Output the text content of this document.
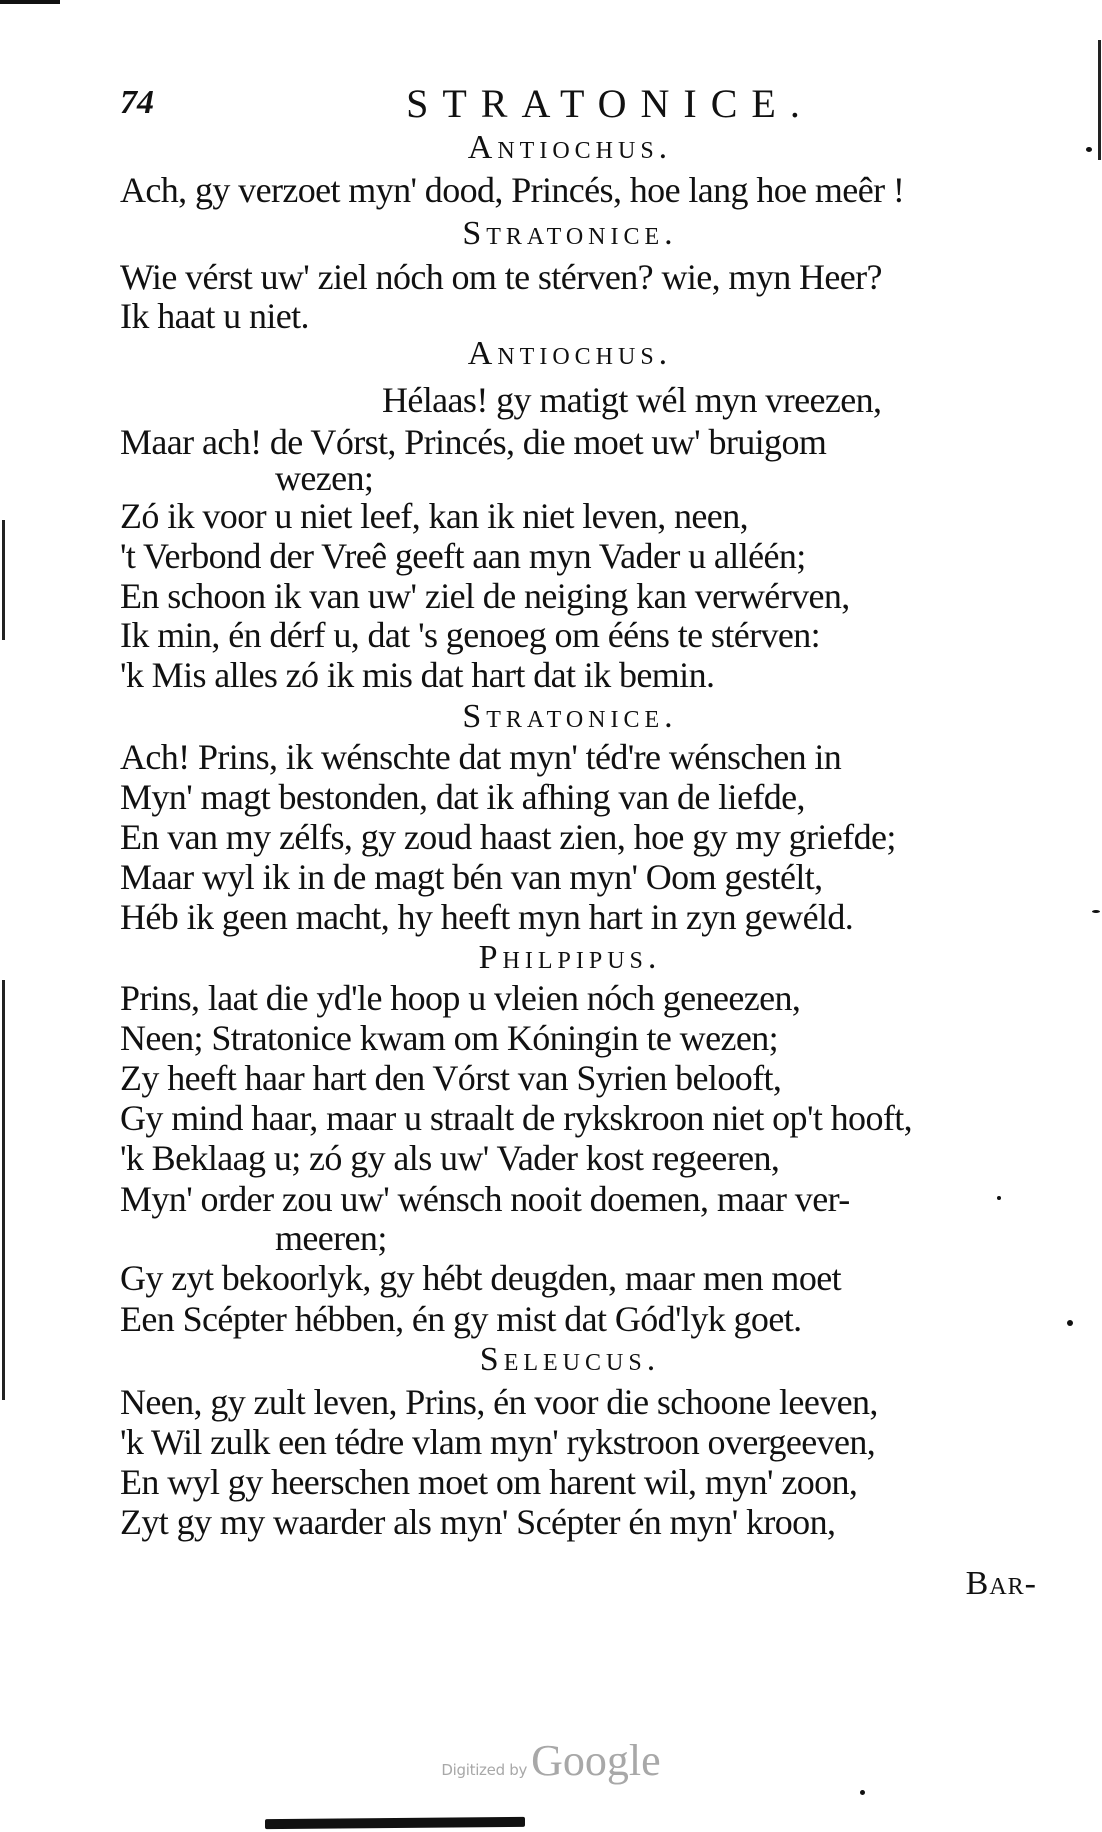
74	STRATONICE.
Antiochus.
Ach, gy verzoet myn' dood, Princés, hoe lang hoe meêr !
Stratonice.
Wie vérst uw' ziel nóch om te stérven? wie, myn Heer?
Ik haat u niet.
Antiochus.
Hélaas! gy matigt wél myn vreezen,
Maar ach! de Vórst, Princés, die moet uw' bruigom
wezen;
Zó ik voor u niet leef, kan ik niet leven, neen,
't Verbond der Vreê geeft aan myn Vader u alléén;
En schoon ik van uw' ziel de neiging kan verwérven,
Ik min, én dérf u, dat 's genoeg om ééns te stérven:
'k Mis alles zó ik mis dat hart dat ik bemin.
Stratonice.
Ach! Prins, ik wénschte dat myn' téd're wénschen in
Myn' magt bestonden, dat ik afhing van de liefde,
En van my zélfs, gy zoud haast zien, hoe gy my griefde;
Maar wyl ik in de magt bén van myn' Oom gestélt,
Héb ik geen macht, hy heeft myn hart in zyn gewéld.
Philpipus.
Prins, laat die yd'le hoop u vleien nóch geneezen,
Neen; Stratonice kwam om Kóningin te wezen;
Zy heeft haar hart den Vórst van Syrien belooft,
Gy mind haar, maar u straalt de rykskroon niet op't hooft,
'k Beklaag u; zó gy als uw' Vader kost regeeren,
Myn' order zou uw' wénsch nooit doemen, maar ver-
meeren;
Gy zyt bekoorlyk, gy hébt deugden, maar men moet
Een Scépter hébben, én gy mist dat Gód'lyk goet.
Seleucus.
Neen, gy zult leven, Prins, én voor die schoone leeven,
'k Wil zulk een tédre vlam myn' rykstroon overgeeven,
En wyl gy heerschen moet om harent wil, myn' zoon,
Zyt gy my waarder als myn' Scépter én myn' kroon,
Bar-
Digitized byGoogle
